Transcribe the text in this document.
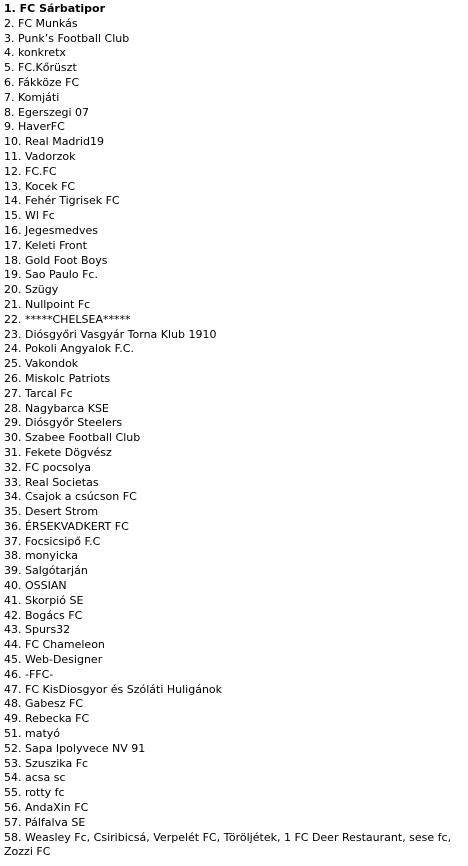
1. FC Sárbatipor
2. FC Munkás
3. Punk’s Football Club
4. konkretx
5. FC.Kőrüszt
6. Fákköze FC
7. Komjáti
8. Egerszegi 07
9. HaverFC
10. Real Madrid19
11. Vadorzok
12. FC.FC
13. Kocek FC
14. Fehér Tigrisek FC
15. Wl Fc
16. Jegesmedves
17. Keleti Front
18. Gold Foot Boys
19. Sao Paulo Fc.
20. Szügy
21. Nullpoint Fc
22. *****CHELSEA*****
23. Diósgyőri Vasgyár Torna Klub 1910
24. Pokoli Angyalok F.C.
25. Vakondok
26. Miskolc Patriots
27. Tarcal Fc
28. Nagybarca KSE
29. Diósgyőr Steelers
30. Szabee Football Club
31. Fekete Dögvész
32. FC pocsolya
33. Real Societas
34. Csajok a csúcson FC
35. Desert Strom
36. ÉRSEKVADKERT FC
37. Focsicsipő F.C
38. monyicka
39. Salgótarján
40. OSSIAN
41. Skorpió SE
42. Bogács FC
43. Spurs32
44. FC Chameleon
45. Web-Designer
46. -FFC-
47. FC KisDiosgyor és Szóláti Huligánok
48. Gabesz FC
49. Rebecka FC
51. matyó
52. Sapa Ipolyvece NV 91
53. Szuszika Fc
54. acsa sc
55. rotty fc
56. AndaXin FC
57. Pálfalva SE
58. Weasley Fc, Csiribicsá, Verpelét FC, Töröljétek, 1 FC Deer Restaurant, sese fc, Zozzi FC
